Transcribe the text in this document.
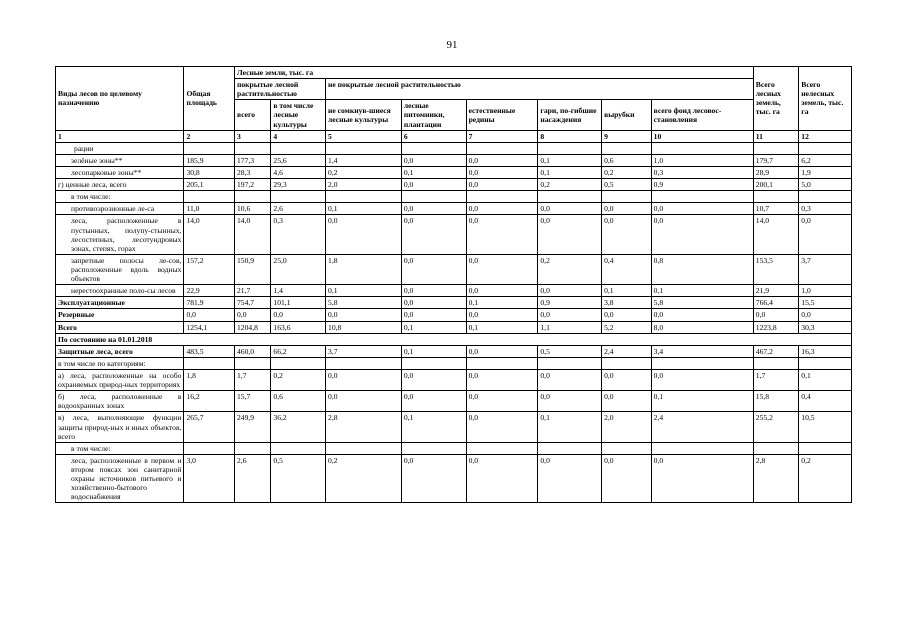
91
Виды лесов по целевому назначению	Общая площадь	Лесные земли, тыс. га								Всего лесных земель, тыс. га	Всего нелесных земель, тыс. га
		покрытые лесной растительностью		не покрытые лесной растительностью							
		всего	в том числе лесные культуры	не сомкнув-шиеся лесные культуры	лесные питомники, плантации	естественные редины	гари, по-гибшие насаждения	вырубки	всего фонд лесовос-становления		
1	2	3	4	5	6	7	8	9	10	11	12
рации											
зелёные зоны**	185,9	177,3	25,6	1,4	0,0	0,0	0,1	0,6	1,0	179,7	6,2
лесопарковые зоны**	30,8	28,3	4,6	0,2	0,1	0,0	0,1	0,2	0,3	28,9	1,9
г) ценные леса, всего	205,1	197,2	29,3	2,0	0,0	0,0	0,2	0,5	0,9	200,1	5,0
в том числе:											
противоэрозионные ле-са	11,0	10,6	2,6	0,1	0,0	0,0	0,0	0,0	0,0	10,7	0,3
леса, расположенные в пустынных, полупу-стынных, лесостепных, лесотундровых зонах, степях, горах	14,0	14,0	0,3	0,0	0,0	0,0	0,0	0,0	0,0	14,0	0,0
запретные полосы ле-сов, расположенные вдоль водных объектов	157,2	150,9	25,0	1,8	0,0	0,0	0,2	0,4	0,8	153,5	3,7
нерестоохранные поло-сы лесов	22,9	21,7	1,4	0,1	0,0	0,0	0,0	0,1	0,1	21,9	1,0
Эксплуатационные	781,9	754,7	101,1	5,8	0,0	0,1	0,9	3,8	5,8	766,4	15,5
Резервные	0,0	0,0	0,0	0,0	0,0	0,0	0,0	0,0	0,0	0,0	0,0
Всего	1254,1	1204,8	163,6	10,8	0,1	0,1	1,1	5,2	8,0	1223,8	30,3
По состоянию на 01.01.2018											
Защитные леса, всего	483,5	460,0	66,2	3,7	0,1	0,0	0,5	2,4	3,4	467,2	16,3
в том числе по категориям:											
а) леса, расположенные на особо охраняемых природ-ных территориях	1,8	1,7	0,2	0,0	0,0	0,0	0,0	0,0	0,0	1,7	0,1
б) леса, расположенные в водоохранных зонах	16,2	15,7	0,6	0,0	0,0	0,0	0,0	0,0	0,1	15,8	0,4
в) леса, выполняющие функции защиты природ-ных и иных объектов, всего	265,7	249,9	36,2	2,8	0,1	0,0	0,1	2,0	2,4	255,2	10,5
в том числе:											
леса, расположенные в первом и втором поясах зон санитарной охраны источников питьевого и хозяйственно-бытового водоснабжения	3,0	2,6	0,5	0,2	0,0	0,0	0,0	0,0	0,0	2,8	0,2
